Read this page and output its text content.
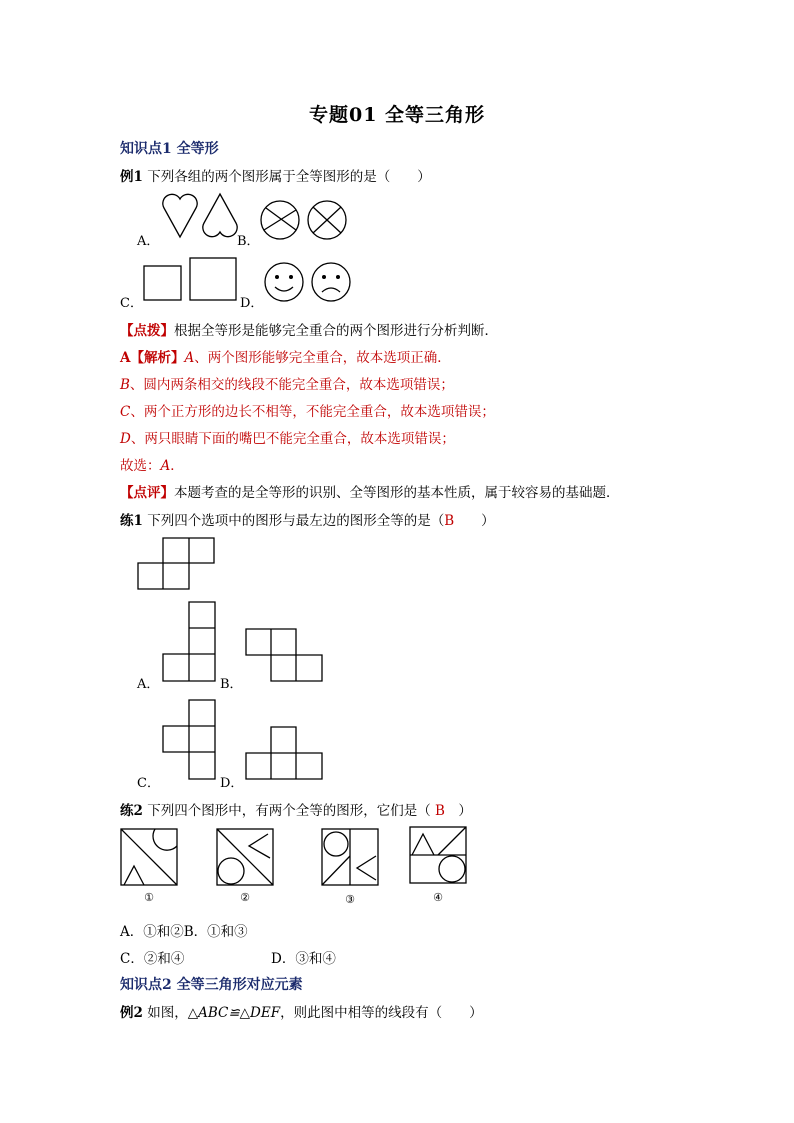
专题01 全等三角形
知识点1 全等形
例1 下列各组的两个图形属于全等图形的是（　　）
A．	B．
C．	D．
【点拨】根据全等形是能够完全重合的两个图形进行分析判断．
A【解析】A、两个图形能够完全重合，故本选项正确．
B、圆内两条相交的线段不能完全重合，故本选项错误；
C、两个正方形的边长不相等，不能完全重合，故本选项错误；
D、两只眼睛下面的嘴巴不能完全重合，故本选项错误；
故选：A．
【点评】本题考查的是全等形的识别、全等图形的基本性质，属于较容易的基础题．
练1 下列四个选项中的图形与最左边的图形全等的是（B　　）
A．	B．
C．	D．
练2 下列四个图形中，有两个全等的图形，它们是（ B　）
①	②	③	④
A．①和②B．①和③
C．②和④	D．③和④
知识点2 全等三角形对应元素
例2 如图，△ABC≌△DEF，则此图中相等的线段有（　　）
